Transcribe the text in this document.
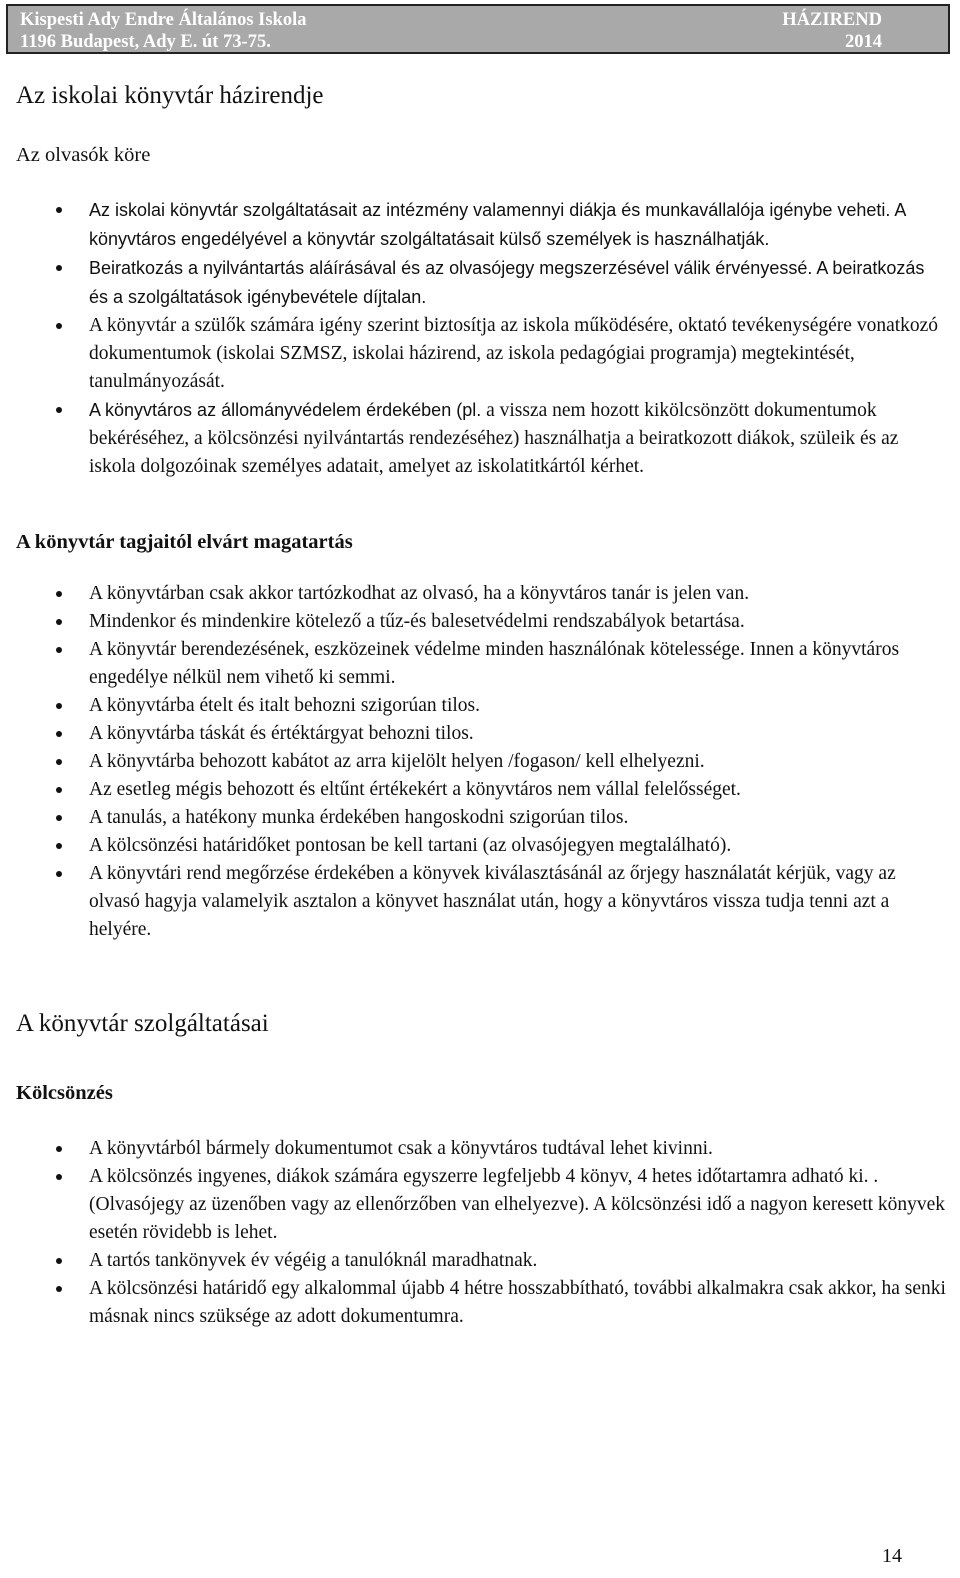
Kispesti Ady Endre Általános Iskola	HÁZIREND
1196 Budapest, Ady E. út 73-75.	2014
Az iskolai könyvtár házirendje
Az olvasók köre
Az iskolai könyvtár szolgáltatásait az intézmény valamennyi diákja és munkavállalója igénybe veheti. A könyvtáros engedélyével a könyvtár szolgáltatásait külső személyek is használhatják.
Beiratkozás a nyilvántartás aláírásával és az olvasójegy megszerzésével válik érvényessé. A beiratkozás és a szolgáltatások igénybevétele díjtalan.
A könyvtár a szülők számára igény szerint biztosítja az iskola működésére, oktató tevékenységére vonatkozó dokumentumok (iskolai SZMSZ, iskolai házirend, az iskola pedagógiai programja) megtekintését, tanulmányozását.
A könyvtáros az állományvédelem érdekében (pl. a vissza nem hozott kikölcsönzött dokumentumok bekéréséhez, a kölcsönzési nyilvántartás rendezéséhez) használhatja a beiratkozott diákok, szüleik és az iskola dolgozóinak személyes adatait, amelyet az iskolatitkártól kérhet.
A könyvtár tagjaitól elvárt magatartás
A könyvtárban csak akkor tartózkodhat az olvasó, ha a könyvtáros tanár is jelen van.
Mindenkor és mindenkire kötelező a tűz-és balesetvédelmi rendszabályok betartása.
A könyvtár berendezésének, eszközeinek védelme minden használónak kötelessége. Innen a könyvtáros engedélye nélkül nem vihető ki semmi.
A könyvtárba ételt és italt behozni szigorúan tilos.
A könyvtárba táskát és értéktárgyat behozni tilos.
A könyvtárba behozott kabátot az arra kijelölt helyen /fogason/ kell elhelyezni.
Az esetleg mégis behozott és eltűnt értékekért a könyvtáros nem vállal felelősséget.
A tanulás, a hatékony munka érdekében hangoskodni szigorúan tilos.
A kölcsönzési határidőket pontosan be kell tartani (az olvasójegyen megtalálható).
A könyvtári rend megőrzése érdekében a könyvek kiválasztásánál az őrjegy használatát kérjük, vagy az olvasó hagyja valamelyik asztalon a könyvet használat után, hogy a könyvtáros vissza tudja tenni azt a helyére.
A könyvtár szolgáltatásai
Kölcsönzés
A könyvtárból bármely dokumentumot csak a könyvtáros tudtával lehet kivinni.
A kölcsönzés ingyenes, diákok számára egyszerre legfeljebb 4 könyv, 4 hetes időtartamra adható ki. . (Olvasójegy az üzenőben vagy az ellenőrzőben van elhelyezve). A kölcsönzési idő a nagyon keresett könyvek esetén rövidebb is lehet.
A tartós tankönyvek év végéig a tanulóknál maradhatnak.
A kölcsönzési határidő egy alkalommal újabb 4 hétre hosszabbítható, további alkalmakra csak akkor, ha senki másnak nincs szüksége az adott dokumentumra.
14
